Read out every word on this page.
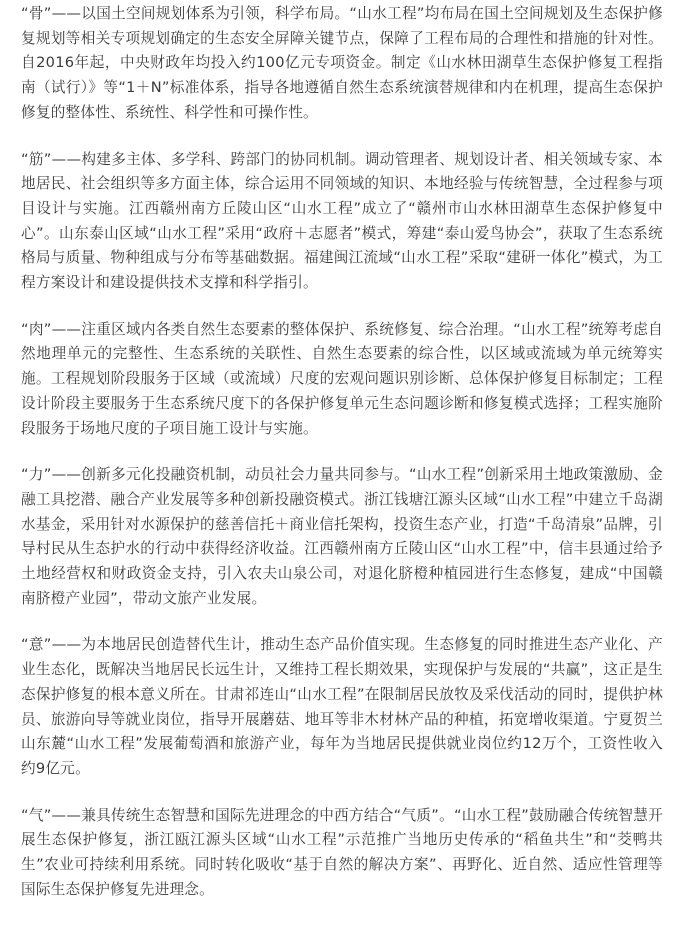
“骨”——以国土空间规划体系为引领，科学布局。“山水工程”均布局在国土空间规划及生态保护修复规划等相关专项规划确定的生态安全屏障关键节点，保障了工程布局的合理性和措施的针对性。自2016年起，中央财政年均投入约100亿元专项资金。制定《山水林田湖草生态保护修复工程指南（试行）》等“1＋N”标准体系，指导各地遵循自然生态系统演替规律和内在机理，提高生态保护修复的整体性、系统性、科学性和可操作性。

“筋”——构建多主体、多学科、跨部门的协同机制。调动管理者、规划设计者、相关领域专家、本地居民、社会组织等多方面主体，综合运用不同领域的知识、本地经验与传统智慧，全过程参与项目设计与实施。江西赣州南方丘陵山区“山水工程”成立了“赣州市山水林田湖草生态保护修复中心”。山东泰山区域“山水工程”采用“政府＋志愿者”模式，筹建“泰山爱鸟协会”，获取了生态系统格局与质量、物种组成与分布等基础数据。福建闽江流域“山水工程”采取“建研一体化”模式，为工程方案设计和建设提供技术支撑和科学指引。

“肉”——注重区域内各类自然生态要素的整体保护、系统修复、综合治理。“山水工程”统筹考虑自然地理单元的完整性、生态系统的关联性、自然生态要素的综合性，以区域或流域为单元统筹实施。工程规划阶段服务于区域（或流域）尺度的宏观问题识别诊断、总体保护修复目标制定；工程设计阶段主要服务于生态系统尺度下的各保护修复单元生态问题诊断和修复模式选择；工程实施阶段服务于场地尺度的子项目施工设计与实施。

“力”——创新多元化投融资机制，动员社会力量共同参与。“山水工程”创新采用土地政策激励、金融工具挖潜、融合产业发展等多种创新投融资模式。浙江钱塘江源头区域“山水工程”中建立千岛湖水基金，采用针对水源保护的慈善信托＋商业信托架构，投资生态产业，打造“千岛清泉”品牌，引导村民从生态护水的行动中获得经济收益。江西赣州南方丘陵山区“山水工程”中，信丰县通过给予土地经营权和财政资金支持，引入农夫山泉公司，对退化脐橙种植园进行生态修复，建成“中国赣南脐橙产业园”，带动文旅产业发展。

“意”——为本地居民创造替代生计，推动生态产品价值实现。生态修复的同时推进生态产业化、产业生态化，既解决当地居民长远生计，又维持工程长期效果，实现保护与发展的“共赢”，这正是生态保护修复的根本意义所在。甘肃祁连山“山水工程”在限制居民放牧及采伐活动的同时，提供护林员、旅游向导等就业岗位，指导开展蘑菇、地耳等非木材林产品的种植，拓宽增收渠道。宁夏贺兰山东麓“山水工程”发展葡萄酒和旅游产业，每年为当地居民提供就业岗位约12万个，工资性收入约9亿元。

“气”——兼具传统生态智慧和国际先进理念的中西方结合“气质”。“山水工程”鼓励融合传统智慧开展生态保护修复，浙江瓯江源头区域“山水工程”示范推广当地历史传承的“稻鱼共生”和“茭鸭共生”农业可持续利用系统。同时转化吸收“基于自然的解决方案”、再野化、近自然、适应性管理等国际生态保护修复先进理念。
